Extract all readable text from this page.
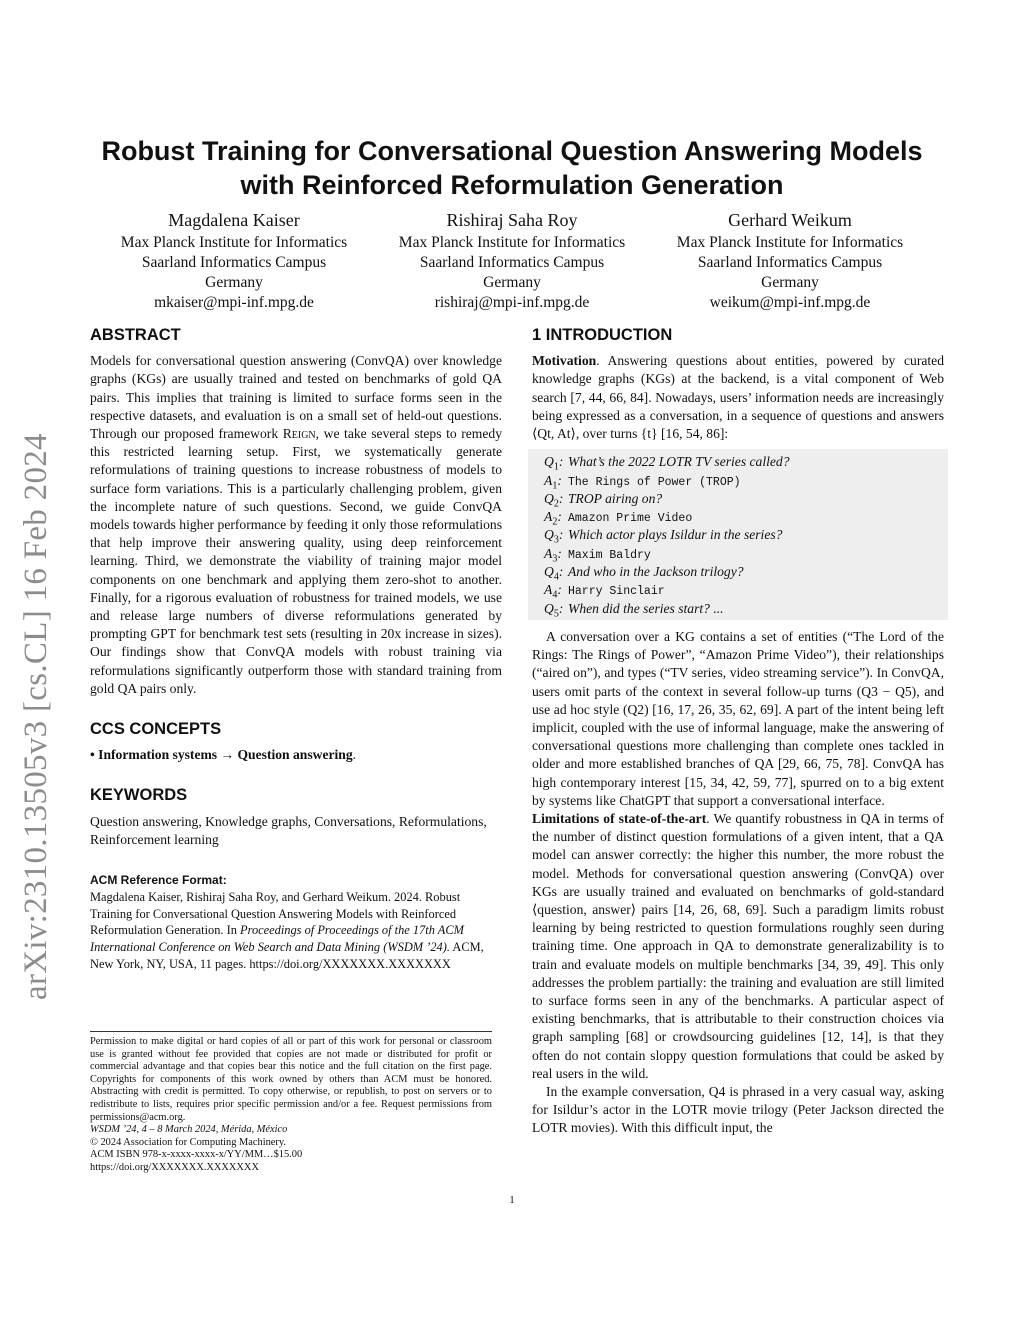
arXiv:2310.13505v3 [cs.CL] 16 Feb 2024
Robust Training for Conversational Question Answering Models
with Reinforced Reformulation Generation
Magdalena Kaiser
Max Planck Institute for Informatics
Saarland Informatics Campus
Germany
mkaiser@mpi-inf.mpg.de
Rishiraj Saha Roy
Max Planck Institute for Informatics
Saarland Informatics Campus
Germany
rishiraj@mpi-inf.mpg.de
Gerhard Weikum
Max Planck Institute for Informatics
Saarland Informatics Campus
Germany
weikum@mpi-inf.mpg.de
ABSTRACT

Models for conversational question answering (ConvQA) over knowledge graphs (KGs) are usually trained and tested on benchmarks of gold QA pairs. This implies that training is limited to surface forms seen in the respective datasets, and evaluation is on a small set of held-out questions. Through our proposed framework Reign, we take several steps to remedy this restricted learning setup. First, we systematically generate reformulations of training questions to increase robustness of models to surface form variations. This is a particularly challenging problem, given the incomplete nature of such questions. Second, we guide ConvQA models towards higher performance by feeding it only those reformulations that help improve their answering quality, using deep reinforcement learning. Third, we demonstrate the viability of training major model components on one benchmark and applying them zero-shot to another. Finally, for a rigorous evaluation of robustness for trained models, we use and release large numbers of diverse reformulations generated by prompting GPT for benchmark test sets (resulting in 20x increase in sizes). Our findings show that ConvQA models with robust training via reformulations significantly outperform those with standard training from gold QA pairs only.

CCS CONCEPTS

• Information systems → Question answering.

KEYWORDS

Question answering, Knowledge graphs, Conversations, Reformulations, Reinforcement learning

ACM Reference Format:

Magdalena Kaiser, Rishiraj Saha Roy, and Gerhard Weikum. 2024. Robust Training for Conversational Question Answering Models with Reinforced Reformulation Generation. In Proceedings of Proceedings of the 17th ACM International Conference on Web Search and Data Mining (WSDM ’24). ACM, New York, NY, USA, 11 pages. https://doi.org/XXXXXXX.XXXXXXX

Permission to make digital or hard copies of all or part of this work for personal or classroom use is granted without fee provided that copies are not made or distributed for profit or commercial advantage and that copies bear this notice and the full citation on the first page. Copyrights for components of this work owned by others than ACM must be honored. Abstracting with credit is permitted. To copy otherwise, or republish, to post on servers or to redistribute to lists, requires prior specific permission and/or a fee. Request permissions from permissions@acm.org.

WSDM ’24, 4 – 8 March 2024, Mérida, México

© 2024 Association for Computing Machinery.

ACM ISBN 978-x-xxxx-xxxx-x/YY/MM…$15.00

https://doi.org/XXXXXXX.XXXXXXX

1 INTRODUCTION

Motivation. Answering questions about entities, powered by curated knowledge graphs (KGs) at the backend, is a vital component of Web search [7, 44, 66, 84]. Nowadays, users’ information needs are increasingly being expressed as a conversation, in a sequence of questions and answers ⟨Qt, At⟩, over turns {t} [16, 54, 86]:

$Q_1$: What’s the 2022 LOTR TV series called?
$A_1$: The Rings of Power (TROP)
$Q_2$: TROP airing on?
$A_2$: Amazon Prime Video
$Q_3$: Which actor plays Isildur in the series?
$A_3$: Maxim Baldry
$Q_4$: And who in the Jackson trilogy?
$A_4$: Harry Sinclair
$Q_5$: When did the series start? ...

A conversation over a KG contains a set of entities (“The Lord of the Rings: The Rings of Power”, “Amazon Prime Video”), their relationships (“aired on”), and types (“TV series, video streaming service”). In ConvQA, users omit parts of the context in several follow-up turns (Q3 − Q5), and use ad hoc style (Q2) [16, 17, 26, 35, 62, 69]. A part of the intent being left implicit, coupled with the use of informal language, make the answering of conversational questions more challenging than complete ones tackled in older and more established branches of QA [29, 66, 75, 78]. ConvQA has high contemporary interest [15, 34, 42, 59, 77], spurred on to a big extent by systems like ChatGPT that support a conversational interface.

Limitations of state-of-the-art. We quantify robustness in QA in terms of the number of distinct question formulations of a given intent, that a QA model can answer correctly: the higher this number, the more robust the model. Methods for conversational question answering (ConvQA) over KGs are usually trained and evaluated on benchmarks of gold-standard ⟨question, answer⟩ pairs [14, 26, 68, 69]. Such a paradigm limits robust learning by being restricted to question formulations roughly seen during training time. One approach in QA to demonstrate generalizability is to train and evaluate models on multiple benchmarks [34, 39, 49]. This only addresses the problem partially: the training and evaluation are still limited to surface forms seen in any of the benchmarks. A particular aspect of existing benchmarks, that is attributable to their construction choices via graph sampling [68] or crowdsourcing guidelines [12, 14], is that they often do not contain sloppy question formulations that could be asked by real users in the wild.

In the example conversation, Q4 is phrased in a very casual way, asking for Isildur’s actor in the LOTR movie trilogy (Peter Jackson directed the LOTR movies). With this difficult input, the

1
